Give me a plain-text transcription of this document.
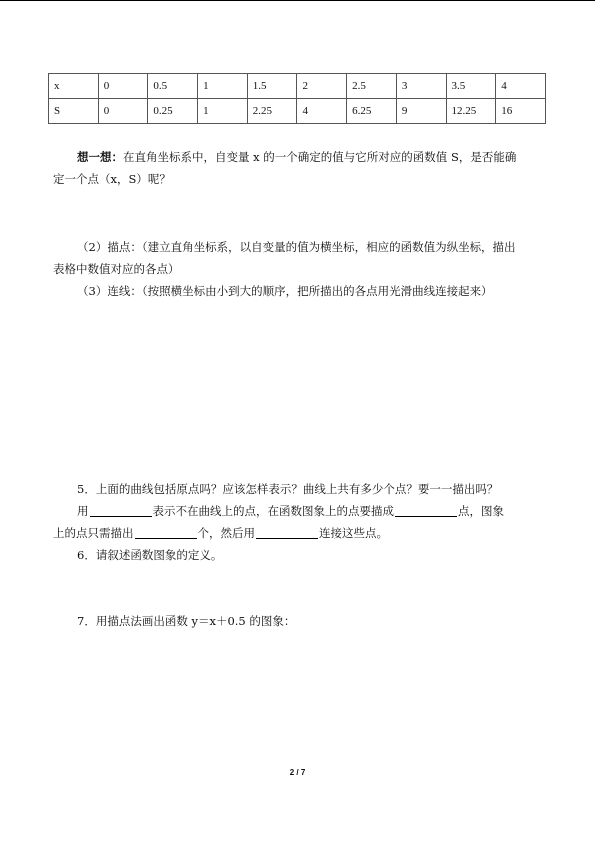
x	0	0.5	1	1.5	2	2.5	3	3.5	4
S	0	0.25	1	2.25	4	6.25	9	12.25	16
想一想：在直角坐标系中，自变量 x 的一个确定的值与它所对应的函数值 S，是否能确
定一个点（x，S）呢？
（2）描点：（建立直角坐标系，以自变量的值为横坐标，相应的函数值为纵坐标，描出
表格中数值对应的各点）
（3）连线：（按照横坐标由小到大的顺序，把所描出的各点用光滑曲线连接起来）
5．上面的曲线包括原点吗？应该怎样表示？曲线上共有多少个点？要一一描出吗？
用	表示不在曲线上的点，在函数图象上的点要描成	点，图象
上的点只需描出	个，然后用	连接这些点。
6．请叙述函数图象的定义。
7．用描点法画出函数 y＝x＋0.5 的图象：
2 / 7
